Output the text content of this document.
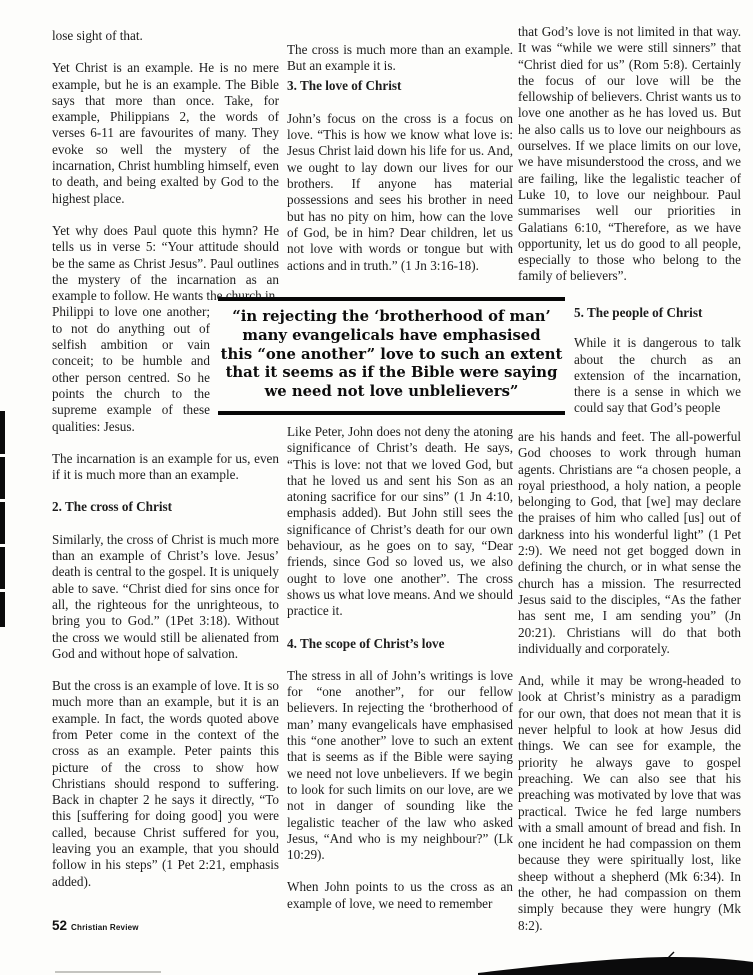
lose sight of that.

Yet Christ is an example. He is no mere example, but he is an example. The Bible says that more than once. Take, for example, Philippians 2, the words of verses 6-11 are favourites of many. They evoke so well the mystery of the incarnation, Christ humbling himself, even to death, and being exalted by God to the highest place.

Yet why does Paul quote this hymn? He tells us in verse 5: “Your attitude should be the same as Christ Jesus”. Paul outlines the mystery of the incarnation as an example to follow. He wants the church in

Philippi to love one another; to not do anything out of selfish ambition or vain conceit; to be humble and other person centred. So he points the church to the supreme example of these qualities: Jesus.

The incarnation is an example for us, even if it is much more than an example.

2. The cross of Christ

Similarly, the cross of Christ is much more than an example of Christ’s love. Jesus’ death is central to the gospel. It is uniquely able to save. “Christ died for sins once for all, the righteous for the unrighteous, to bring you to God.” (1Pet 3:18). Without the cross we would still be alienated from God and without hope of salvation.

But the cross is an example of love. It is so much more than an example, but it is an example. In fact, the words quoted above from Peter come in the context of the cross as an example. Peter paints this picture of the cross to show how Christians should respond to suffering. Back in chapter 2 he says it directly, “To this [suffering for doing good] you were called, because Christ suffered for you, leaving you an example, that you should follow in his steps” (1 Pet 2:21, emphasis added).

The cross is much more than an example. But an example it is.

3. The love of Christ

John’s focus on the cross is a focus on love. “This is how we know what love is: Jesus Christ laid down his life for us. And, we ought to lay down our lives for our brothers. If anyone has material possessions and sees his brother in need but has no pity on him, how can the love of God, be in him? Dear children, let us not love with words or tongue but with actions and in truth.” (1 Jn 3:16-18).

Like Peter, John does not deny the atoning significance of Christ’s death. He says, “This is love: not that we loved God, but that he loved us and sent his Son as an atoning sacrifice for our sins” (1 Jn 4:10, emphasis added). But John still sees the significance of Christ’s death for our own behaviour, as he goes on to say, “Dear friends, since God so loved us, we also ought to love one another”. The cross shows us what love means. And we should practice it.

4. The scope of Christ’s love

The stress in all of John’s writings is love for “one another”, for our fellow believers. In rejecting the ‘brotherhood of man’ many evangelicals have emphasised this “one another” love to such an extent that is seems as if the Bible were saying we need not love unbelievers. If we begin to look for such limits on our love, are we not in danger of sounding like the legalistic teacher of the law who asked Jesus, “And who is my neighbour?” (Lk 10:29).

When John points to us the cross as an example of love, we need to remember

that God’s love is not limited in that way. It was “while we were still sinners” that “Christ died for us” (Rom 5:8). Certainly the focus of our love will be the fellowship of believers. Christ wants us to love one another as he has loved us. But he also calls us to love our neighbours as ourselves. If we place limits on our love, we have misunderstood the cross, and we are failing, like the legalistic teacher of Luke 10, to love our neighbour. Paul summarises well our priorities in Galatians 6:10, “Therefore, as we have opportunity, let us do good to all people, especially to those who belong to the family of believers”.

5. The people of Christ

While it is dangerous to talk about the church as an extension of the incarnation, there is a sense in which we could say that God’s people

are his hands and feet. The all-powerful God chooses to work through human agents. Christians are “a chosen people, a royal priesthood, a holy nation, a people belonging to God, that [we] may declare the praises of him who called [us] out of darkness into his wonderful light” (1 Pet 2:9). We need not get bogged down in defining the church, or in what sense the church has a mission. The resurrected Jesus said to the disciples, “As the father has sent me, I am sending you” (Jn 20:21). Christians will do that both individually and corporately.

And, while it may be wrong-headed to look at Christ’s ministry as a paradigm for our own, that does not mean that it is never helpful to look at how Jesus did things. We can see for example, the priority he always gave to gospel preaching. We can also see that his preaching was motivated by love that was practical. Twice he fed large numbers with a small amount of bread and fish. In one incident he had compassion on them because they were spiritually lost, like sheep without a shepherd (Mk 6:34). In the other, he had compassion on them simply because they were hungry (Mk 8:2).

“in rejecting the ‘brotherhood of man’
many evangelicals have emphasised
this “one another” love to such an extent
that it seems as if the Bible were saying
we need not love unblelievers”
52 Christian Review
